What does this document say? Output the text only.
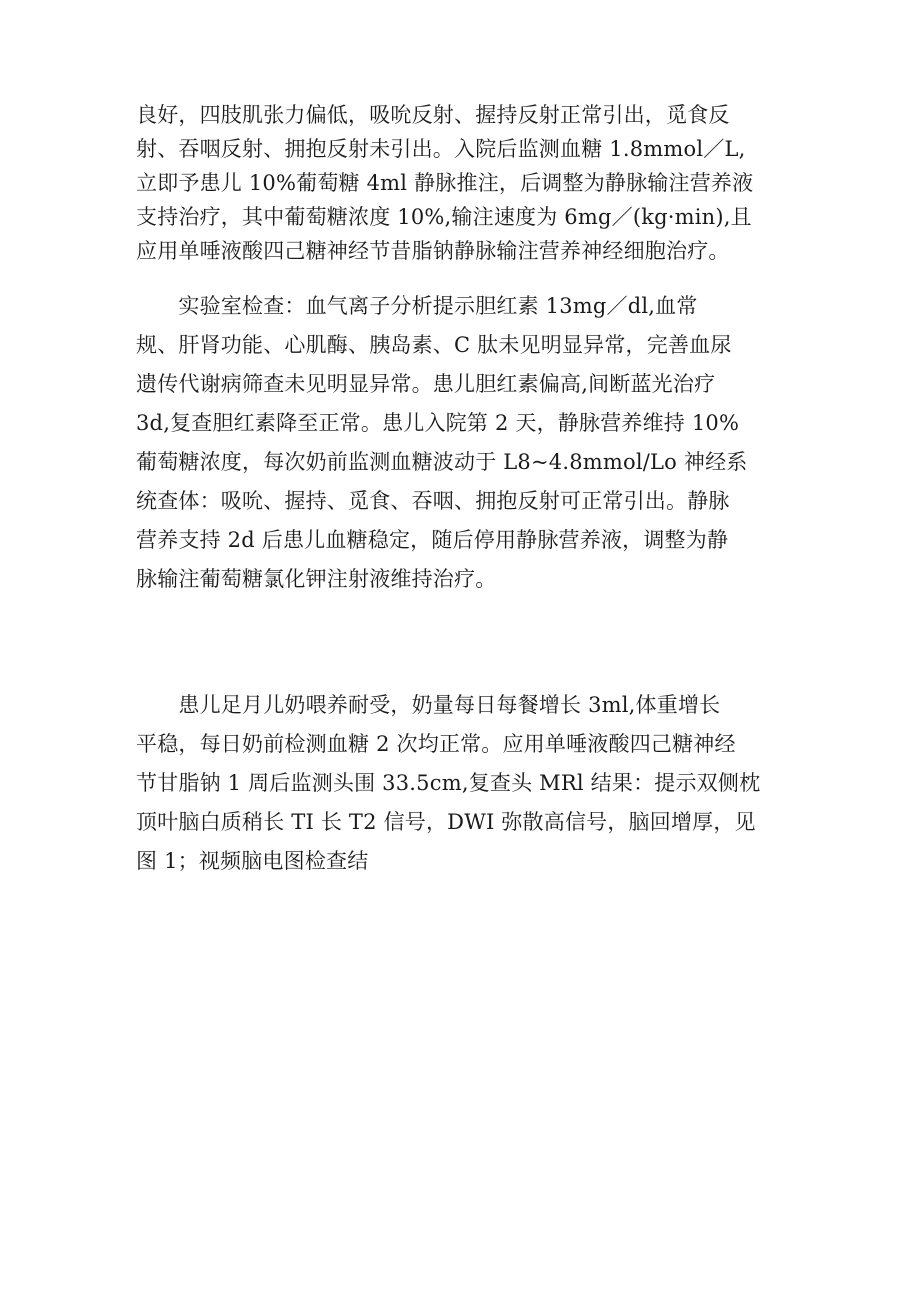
良好，四肢肌张力偏低，吸吮反射、握持反射正常引出，觅食反
射、吞咽反射、拥抱反射未引出。入院后监测血糖 1.8mmol／L,
立即予患儿 10%葡萄糖 4ml 静脉推注，后调整为静脉输注营养液
支持治疗，其中葡萄糖浓度 10%,输注速度为 6mg／(kg·min),且
应用单唾液酸四己糖神经节昔脂钠静脉输注营养神经细胞治疗。

　　实验室检查：血气离子分析提示胆红素 13mg／dl,血常
规、肝肾功能、心肌酶、胰岛素、C 肽未见明显异常，完善血尿
遗传代谢病筛查未见明显异常。患儿胆红素偏高,间断蓝光治疗
3d,复查胆红素降至正常。患儿入院第 2 天，静脉营养维持 10%
葡萄糖浓度，每次奶前监测血糖波动于 L8~4.8mmol/Lo 神经系
统查体：吸吮、握持、觅食、吞咽、拥抱反射可正常引出。静脉
营养支持 2d 后患儿血糖稳定，随后停用静脉营养液，调整为静
脉输注葡萄糖氯化钾注射液维持治疗。

　　患儿足月儿奶喂养耐受，奶量每日每餐增长 3ml,体重增长
平稳，每日奶前检测血糖 2 次均正常。应用单唾液酸四己糖神经
节甘脂钠 1 周后监测头围 33.5cm,复查头 MRl 结果：提示双侧枕
顶叶脑白质稍长 TI 长 T2 信号，DWI 弥散高信号，脑回增厚，见
图 1；视频脑电图检查结
